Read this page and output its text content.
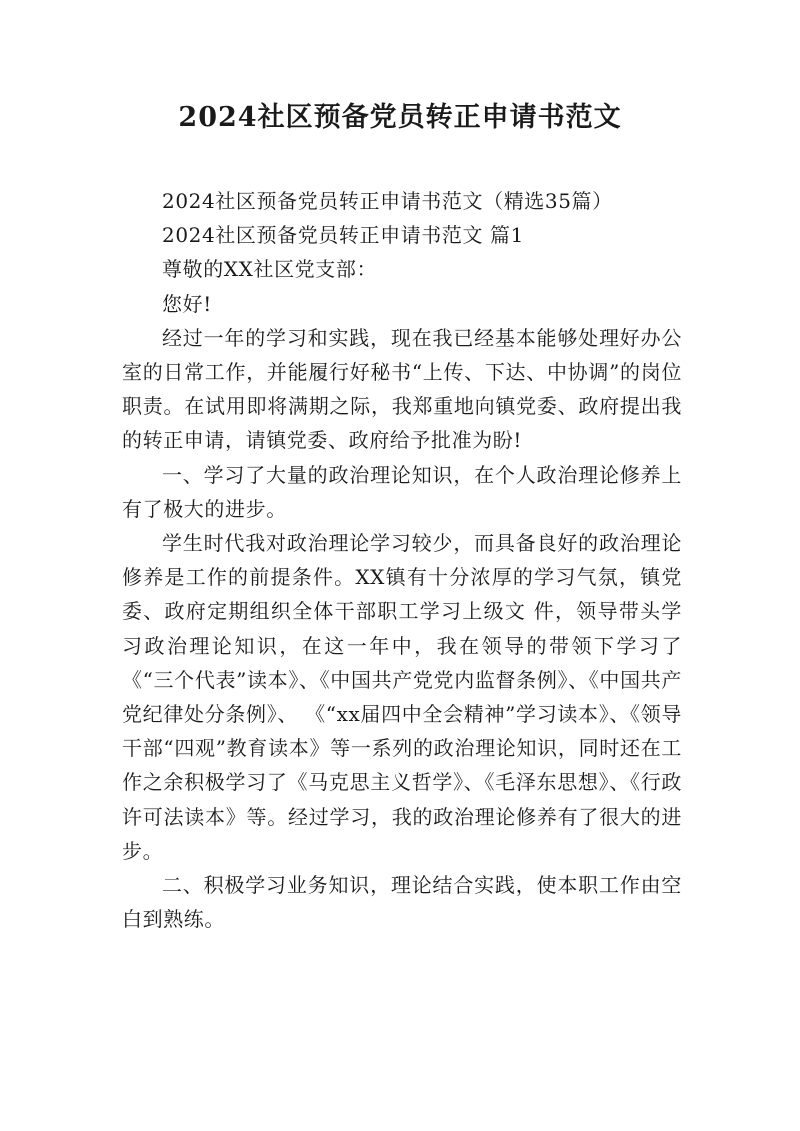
2024社区预备党员转正申请书范文

2024社区预备党员转正申请书范文（精选35篇）

2024社区预备党员转正申请书范文 篇1

尊敬的XX社区党支部：

您好!

经过一年的学习和实践，现在我已经基本能够处理好办公室的日常工作，并能履行好秘书“上传、下达、中协调”的岗位职责。在试用即将满期之际，我郑重地向镇党委、政府提出我的转正申请，请镇党委、政府给予批准为盼!

一、学习了大量的政治理论知识，在个人政治理论修养上有了极大的进步。

学生时代我对政治理论学习较少，而具备良好的政治理论修养是工作的前提条件。XX镇有十分浓厚的学习气氛，镇党委、政府定期组织全体干部职工学习上级文 件，领导带头学习政治理论知识，在这一年中，我在领导的带领下学习了《“三个代表”读本》、《中国共产党党内监督条例》、《中国共产党纪律处分条例》、 《“xx届四中全会精神”学习读本》、《领导干部“四观”教育读本》等一系列的政治理论知识，同时还在工作之余积极学习了《马克思主义哲学》、《毛泽东思想》、《行政许可法读本》等。经过学习，我的政治理论修养有了很大的进步。

二、积极学习业务知识，理论结合实践，使本职工作由空白到熟练。
